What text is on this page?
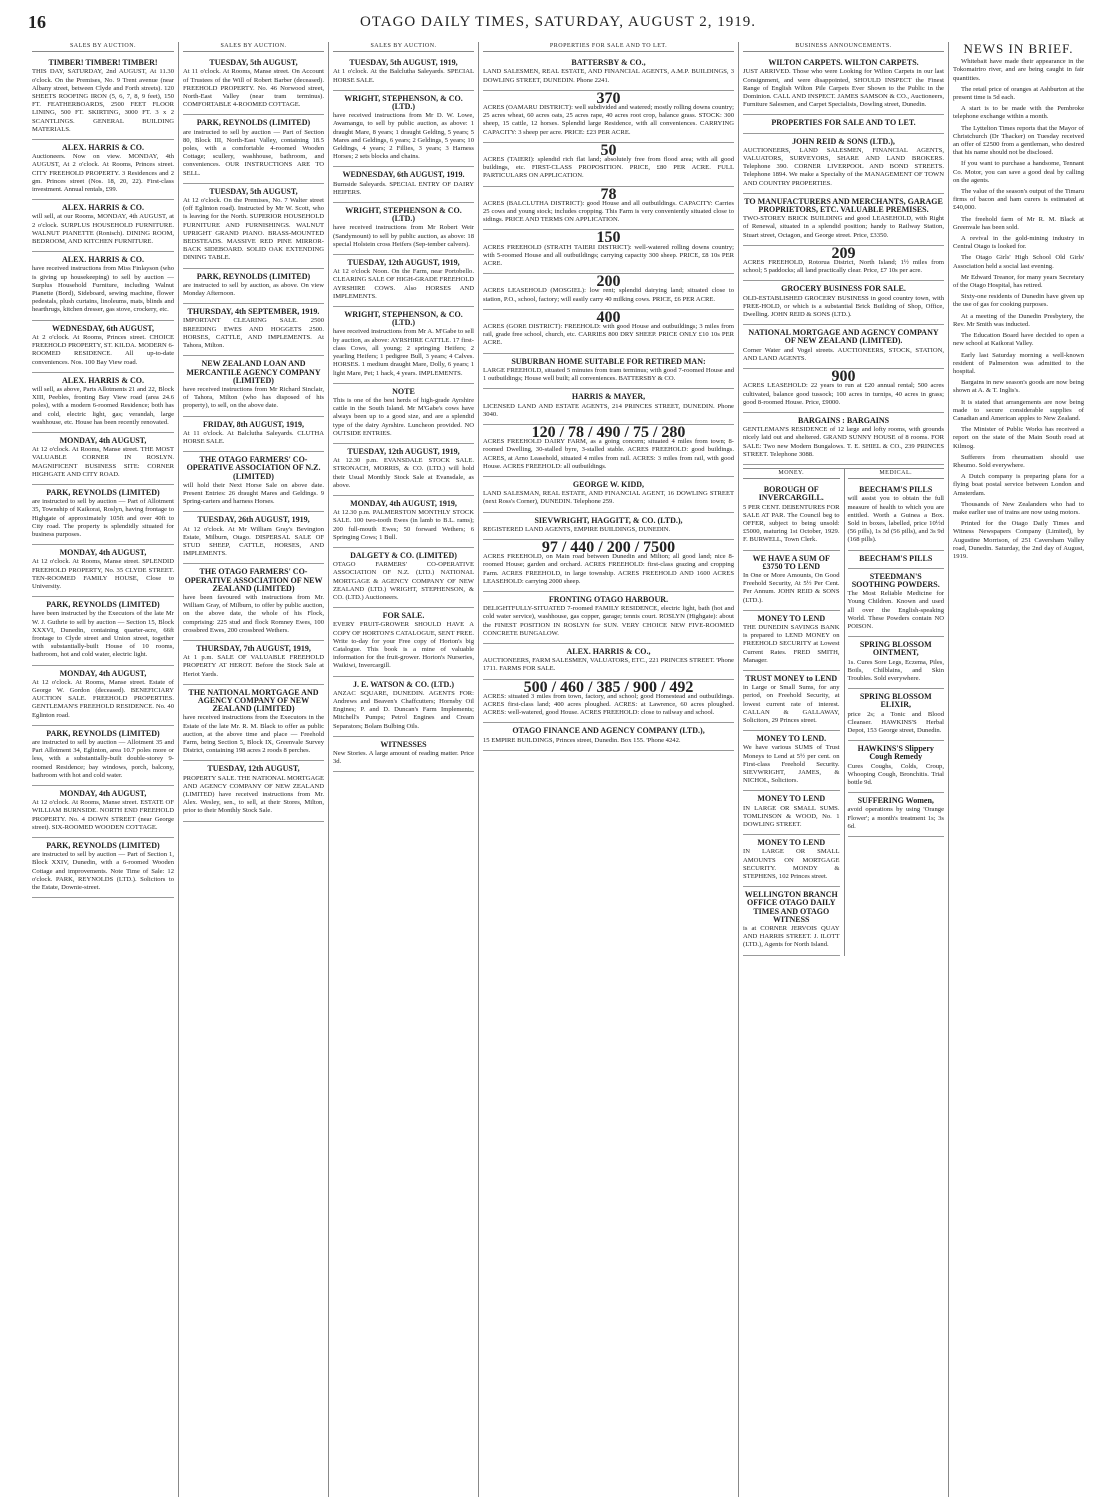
16	OTAGO DAILY TIMES, SATURDAY, AUGUST 2, 1919.
SALES BY AUCTION.
TIMBER! TIMBER! TIMBER!

THIS DAY, SATURDAY, 2nd AUGUST, At 11.30 o'clock. On the Premises, No. 9 Trent avenue (near Albany street, between Clyde and Forth streets). 120 SHEETS ROOFING IRON (5, 6, 7, 8, 9 feet), 150 FT. FEATHERBOARDS, 2500 FEET FLOOR LINING, 500 FT. SKIRTING, 3000 FT. 3 x 2 SCANTLINGS. GENERAL BUILDING MATERIALS.

ALEX. HARRIS & CO.

Auctioneers. Now on view. MONDAY, 4th AUGUST, At 2 o'clock. At Rooms, Princes street. CITY FREEHOLD PROPERTY. 3 Residences and 2 gm. Princes street (Nos. 18, 20, 22). First-class investment. Annual rentals, £99.

ALEX. HARRIS & CO.

will sell, at our Rooms, MONDAY, 4th AUGUST, at 2 o'clock. SURPLUS HOUSEHOLD FURNITURE. WALNUT PIANETTE (Ronisch). DINING ROOM, BEDROOM, AND KITCHEN FURNITURE.

ALEX. HARRIS & CO.

have received instructions from Miss Finlayson (who is giving up housekeeping) to sell by auction — Surplus Household Furniture, including Walnut Pianette (Bord), Sideboard, sewing machine, flower pedestals, plush curtains, linoleums, mats, blinds and hearthrugs, kitchen dresser, gas stove, crockery, etc.

WEDNESDAY, 6th AUGUST,

At 2 o'clock. At Rooms, Princes street. CHOICE FREEHOLD PROPERTY, ST. KILDA. MODERN 6-ROOMED RESIDENCE. All up-to-date conveniences. Nos. 100 Bay View road.

ALEX. HARRIS & CO.

will sell, as above, Parts Allotments 21 and 22, Block XIII, Peebles, fronting Bay View road (area 24.6 poles), with a modern 6-roomed Residence; both has and cold, electric light, gas; verandah, large washhouse, etc. House has been recently renovated.

MONDAY, 4th AUGUST,

At 12 o'clock. At Rooms, Manse street. THE MOST VALUABLE CORNER IN ROSLYN. MAGNIFICENT BUSINESS SITE: CORNER HIGHGATE AND CITY ROAD.

PARK, REYNOLDS (LIMITED)

are instructed to sell by auction — Part of Allotment 35, Township of Kaikorai, Roslyn, having frontage to Highgate of approximately 105ft and over 40ft to City road. The property is splendidly situated for business purposes.

MONDAY, 4th AUGUST,

At 12 o'clock. At Rooms, Manse street. SPLENDID FREEHOLD PROPERTY, No. 35 CLYDE STREET. TEN-ROOMED FAMILY HOUSE, Close to University.

PARK, REYNOLDS (LIMITED)

have been instructed by the Executors of the late Mr W. J. Guthrie to sell by auction — Section 15, Block XXXVI, Dunedin, containing quarter-acre, 66ft frontage to Clyde street and Union street, together with substantially-built House of 10 rooms, bathroom, hot and cold water, electric light.

MONDAY, 4th AUGUST,

At 12 o'clock. At Rooms, Manse street. Estate of George W. Gordon (deceased). BENEFICIARY AUCTION SALE. FREEHOLD PROPERTIES. GENTLEMAN'S FREEHOLD RESIDENCE. No. 40 Eglinton road.

PARK, REYNOLDS (LIMITED)

are instructed to sell by auction — Allotment 35 and Part Allotment 34, Eglinton, area 10.7 poles more or less, with a substantially-built double-storey 9-roomed Residence; bay windows, porch, balcony, bathroom with hot and cold water.

MONDAY, 4th AUGUST,

At 12 o'clock. At Rooms, Manse street. ESTATE OF WILLIAM BURNSIDE. NORTH END FREEHOLD PROPERTY. No. 4 DOWN STREET (near George street). SIX-ROOMED WOODEN COTTAGE.

PARK, REYNOLDS (LIMITED)

are instructed to sell by auction — Part of Section 1, Block XXIV, Dunedin, with a 6-roomed Wooden Cottage and improvements. Note Time of Sale: 12 o'clock. PARK, REYNOLDS (LTD.). Solicitors to the Estate, Downie-street.

SALES BY AUCTION.
TUESDAY, 5th AUGUST,

At 11 o'clock. At Rooms, Manse street. On Account of Trustees of the Will of Robert Barber (deceased). FREEHOLD PROPERTY. No. 46 Norwood street, North-East Valley (near tram terminus). COMFORTABLE 4-ROOMED COTTAGE.

PARK, REYNOLDS (LIMITED)

are instructed to sell by auction — Part of Section 80, Block III, North-East Valley, containing 18.5 poles, with a comfortable 4-roomed Wooden Cottage; scullery, washhouse, bathroom, and conveniences. OUR INSTRUCTIONS ARE TO SELL.

TUESDAY, 5th AUGUST,

At 12 o'clock. On the Premises, No. 7 Walter street (off Eglinton road). Instructed by Mr W. Scott, who is leaving for the North. SUPERIOR HOUSEHOLD FURNITURE AND FURNISHINGS. WALNUT UPRIGHT GRAND PIANO. BRASS-MOUNTED BEDSTEADS. MASSIVE RED PINE MIRROR-BACK SIDEBOARD. SOLID OAK EXTENDING DINING TABLE.

PARK, REYNOLDS (LIMITED)

are instructed to sell by auction, as above. On view Monday Afternoon.

THURSDAY, 4th SEPTEMBER, 1919.

IMPORTANT CLEARING SALE. 2500 BREEDING EWES AND HOGGETS 2500. HORSES, CATTLE, AND IMPLEMENTS. At Tahora, Milton.

NEW ZEALAND LOAN AND MERCANTILE AGENCY COMPANY (LIMITED)

have received instructions from Mr Richard Sinclair, of Tahora, Milton (who has disposed of his property), to sell, on the above date.

FRIDAY, 8th AUGUST, 1919,

At 11 o'clock. At Balclutha Saleyards. CLUTHA HORSE SALE.

THE OTAGO FARMERS' CO-OPERATIVE ASSOCIATION OF N.Z. (LIMITED)

will hold their Next Horse Sale on above date. Present Entries: 26 draught Mares and Geldings. 9 Spring-carters and harness Horses.

TUESDAY, 26th AUGUST, 1919,

At 12 o'clock. At Mr William Gray's Bevington Estate, Milburn, Otago. DISPERSAL SALE OF STUD SHEEP, CATTLE, HORSES, AND IMPLEMENTS.

THE OTAGO FARMERS' CO-OPERATIVE ASSOCIATION OF NEW ZEALAND (LIMITED)

have been favoured with instructions from Mr. William Gray, of Milburn, to offer by public auction, on the above date, the whole of his Flock, comprising: 225 stud and flock Romney Ewes, 100 crossbred Ewes, 200 crossbred Wethers.

THURSDAY, 7th AUGUST, 1919,

At 1 p.m. SALE OF VALUABLE FREEHOLD PROPERTY AT HEROT. Before the Stock Sale at Heriot Yards.

THE NATIONAL MORTGAGE AND AGENCY COMPANY OF NEW ZEALAND (LIMITED)

have received instructions from the Executors in the Estate of the late Mr. R. M. Black to offer as public auction, at the above time and place — Freehold Farm, being Section 5, Block IX, Greenvale Survey District, containing 198 acres 2 roods 8 perches.

TUESDAY, 12th AUGUST,

PROPERTY SALE. THE NATIONAL MORTGAGE AND AGENCY COMPANY OF NEW ZEALAND (LIMITED) have received instructions from Mr. Alex. Wesley, sen., to sell, at their Stores, Milton, prior to their Monthly Stock Sale.

SALES BY AUCTION.
TUESDAY, 5th AUGUST, 1919,

At 1 o'clock. At the Balclutha Saleyards. SPECIAL HORSE SALE.

WRIGHT, STEPHENSON, & CO. (LTD.)

have received instructions from Mr D. W. Lowe, Awamangu, to sell by public auction, as above: 1 draught Mare, 8 years; 1 draught Gelding, 5 years; 5 Mares and Geldings, 6 years; 2 Geldings, 5 years; 10 Geldings, 4 years; 2 Fillies, 3 years; 3 Harness Horses; 2 sets blocks and chains.

WEDNESDAY, 6th AUGUST, 1919.

Burnside Saleyards. SPECIAL ENTRY OF DAIRY HEIFERS.

WRIGHT, STEPHENSON & CO. (LTD.)

have received instructions from Mr Robert Weir (Sandymount) to sell by public auction, as above: 18 special Holstein cross Heifers (Sep-tember calvers).

TUESDAY, 12th AUGUST, 1919,

At 12 o'clock Noon. On the Farm, near Portobello. CLEARING SALE OF HIGH-GRADE FREEHOLD AYRSHIRE COWS. Also HORSES AND IMPLEMENTS.

WRIGHT, STEPHENSON, & CO. (LTD.)

have received instructions from Mr A. M'Gabe to sell by auction, as above: AYRSHIRE CATTLE. 17 first-class Cows, all young; 2 springing Heifers; 2 yearling Heifers; 1 pedigree Bull, 3 years; 4 Calves. HORSES. 1 medium draught Mare, Dolly, 6 years; 1 light Mare, Pet; 1 hack, 4 years. IMPLEMENTS.

NOTE

This is one of the best herds of high-grade Ayrshire cattle in the South Island. Mr M'Gabe's cows have always been up to a good size, and are a splendid type of the dairy Ayrshire. Luncheon provided. NO OUTSIDE ENTRIES.

TUESDAY, 12th AUGUST, 1919,

At 12.30 p.m. EVANSDALE STOCK SALE. STRONACH, MORRIS, & CO. (LTD.) will hold their Usual Monthly Stock Sale at Evansdale, as above.

MONDAY, 4th AUGUST, 1919,

At 12.30 p.m. PALMERSTON MONTHLY STOCK SALE. 100 two-tooth Ewes (in lamb to B.L. rams); 200 full-mouth Ewes; 50 forward Wethers; 6 Springing Cows; 1 Bull.

DALGETY & CO. (LIMITED)

OTAGO FARMERS' CO-OPERATIVE ASSOCIATION OF N.Z. (LTD.) NATIONAL MORTGAGE & AGENCY COMPANY OF NEW ZEALAND (LTD.) WRIGHT, STEPHENSON, & CO. (LTD.) Auctioneers.

FOR SALE.

EVERY FRUIT-GROWER SHOULD HAVE A COPY OF HORTON'S CATALOGUE, SENT FREE. Write to-day for your Free copy of Horton's big Catalogue. This book is a mine of valuable information for the fruit-grower. Horton's Nurseries, Waikiwi, Invercargill.

J. E. WATSON & CO. (LTD.)

ANZAC SQUARE, DUNEDIN. AGENTS FOR: Andrews and Beaven's Chaffcutters; Hornsby Oil Engines; P. and D. Duncan's Farm Implements; Mitchell's Pumps; Petrol Engines and Cream Separators; Bolam Bulbing Oils.

WITNESSES

New Stories. A large amount of reading matter. Price 3d.

PROPERTIES FOR SALE AND TO LET.
BATTERSBY & CO.,

LAND SALESMEN, REAL ESTATE, AND FINANCIAL AGENTS, A.M.P. BUILDINGS, 3 DOWLING STREET, DUNEDIN. Phone 2241.

370

ACRES (OAMARU DISTRICT): well subdivided and watered; mostly rolling downs country; 25 acres wheat, 60 acres oats, 25 acres rape, 40 acres root crop, balance grass. STOCK: 300 sheep, 15 cattle, 12 horses. Splendid large Residence, with all conveniences. CARRYING CAPACITY: 3 sheep per acre. PRICE: £23 PER ACRE.

50

ACRES (TAIERI): splendid rich flat land; absolutely free from flood area; with all good buildings, etc. FIRST-CLASS PROPOSITION. PRICE, £80 PER ACRE. FULL PARTICULARS ON APPLICATION.

78

ACRES (BALCLUTHA DISTRICT): good House and all outbuildings. CAPACITY: Carries 25 cows and young stock; includes cropping. This Farm is very conveniently situated close to sidings. PRICE AND TERMS ON APPLICATION.

150

ACRES FREEHOLD (STRATH TAIERI DISTRICT): well-watered rolling downs country; with 5-roomed House and all outbuildings; carrying capacity 300 sheep. PRICE, £8 10s PER ACRE.

200

ACRES LEASEHOLD (MOSGIEL): low rent; splendid dairying land; situated close to station, P.O., school, factory; will easily carry 40 milking cows. PRICE, £6 PER ACRE.

400

ACRES (GORE DISTRICT): FREEHOLD: with good House and outbuildings; 3 miles from rail, grade free school, church, etc. CARRIES 800 DRY SHEEP. PRICE ONLY £10 10s PER ACRE.

SUBURBAN HOME SUITABLE FOR RETIRED MAN:

LARGE FREEHOLD, situated 5 minutes from tram terminus; with good 7-roomed House and 1 outbuildings; House well built; all conveniences. BATTERSBY & CO.

HARRIS & MAYER,

LICENSED LAND AND ESTATE AGENTS, 214 PRINCES STREET, DUNEDIN. Phone 3040.

120 / 78 / 490 / 75 / 280

ACRES FREEHOLD DAIRY FARM, as a going concern; situated 4 miles from town; 8-roomed Dwelling, 30-stalled byre, 3-stalled stable. ACRES FREEHOLD: good buildings. ACRES, at Arno Leasehold, situated 4 miles from rail. ACRES: 3 miles from rail, with good House. ACRES FREEHOLD: all outbuildings.

GEORGE W. KIDD,

LAND SALESMAN, REAL ESTATE, AND FINANCIAL AGENT, 16 DOWLING STREET (next Ross's Corner), DUNEDIN. Telephone 259.

SIEVWRIGHT, HAGGITT, & CO. (LTD.),

REGISTERED LAND AGENTS, EMPIRE BUILDINGS, DUNEDIN.

97 / 440 / 200 / 7500

ACRES FREEHOLD, on Main road between Dunedin and Milton; all good land; nice 8-roomed House; garden and orchard. ACRES FREEHOLD: first-class grazing and cropping Farm. ACRES FREEHOLD, in large township. ACRES FREEHOLD AND 1600 ACRES LEASEHOLD: carrying 2000 sheep.

FRONTING OTAGO HARBOUR.

DELIGHTFULLY-SITUATED 7-roomed FAMILY RESIDENCE, electric light, bath (hot and cold water service), washhouse, gas copper, garage; tennis court. ROSLYN (Highgate): about the FINEST POSITION IN ROSLYN for SUN. VERY CHOICE NEW FIVE-ROOMED CONCRETE BUNGALOW.

ALEX. HARRIS & CO.,

AUCTIONEERS, FARM SALESMEN, VALUATORS, ETC., 221 PRINCES STREET. 'Phone 1711. FARMS FOR SALE.

500 / 460 / 385 / 900 / 492

ACRES: situated 3 miles from town, factory, and school; good Homestead and outbuildings. ACRES first-class land; 400 acres ploughed. ACRES: at Lawrence, 60 acres ploughed. ACRES: well-watered, good House. ACRES FREEHOLD: close to railway and school.

OTAGO FINANCE AND AGENCY COMPANY (LTD.),

15 EMPIRE BUILDINGS, Princes street, Dunedin. Box 155. 'Phone 4242.

BUSINESS ANNOUNCEMENTS.
WILTON CARPETS. WILTON CARPETS.

JUST ARRIVED. Those who were Looking for Wilton Carpets in our last Consignment, and were disappointed, SHOULD INSPECT the Finest Range of English Wilton Pile Carpets Ever Shown to the Public in the Dominion. CALL AND INSPECT. JAMES SAMSON & CO., Auctioneers, Furniture Salesmen, and Carpet Specialists, Dowling street, Dunedin.

PROPERTIES FOR SALE AND TO LET.
JOHN REID & SONS (LTD.),

AUCTIONEERS, LAND SALESMEN, FINANCIAL AGENTS, VALUATORS, SURVEYORS, SHARE AND LAND BROKERS. Telephone 390. CORNER LIVERPOOL AND BOND STREETS. Telephone 1894. We make a Specialty of the MANAGEMENT OF TOWN AND COUNTRY PROPERTIES.

TO MANUFACTURERS AND MERCHANTS, GARAGE PROPRIETORS, ETC. VALUABLE PREMISES.

TWO-STOREY BRICK BUILDING and good LEASEHOLD, with Right of Renewal, situated in a splendid position; handy to Railway Station, Stuart street, Octagon, and George street. Price, £3350.

209

ACRES FREEHOLD, Rotorua District, North Island; 1½ miles from school; 5 paddocks; all land practically clear. Price, £7 10s per acre.

GROCERY BUSINESS FOR SALE.

OLD-ESTABLISHED GROCERY BUSINESS in good country town, with FREE-HOLD, or which is a substantial Brick Building of Shop, Office, Dwelling. JOHN REID & SONS (LTD.).

NATIONAL MORTGAGE AND AGENCY COMPANY OF NEW ZEALAND (LIMITED).

Corner Water and Vogel streets. AUCTIONEERS, STOCK, STATION, AND LAND AGENTS.

900

ACRES LEASEHOLD: 22 years to run at £20 annual rental; 500 acres cultivated, balance good tussock; 100 acres in turnips, 40 acres in grass; good 8-roomed House. Price, £9000.

BARGAINS : BARGAINS

GENTLEMAN'S RESIDENCE of 12 large and lofty rooms, with grounds nicely laid out and sheltered. GRAND SUNNY HOUSE of 8 rooms. FOR SALE: Two new Modern Bungalows. T. E. SHIEL & CO., 239 PRINCES STREET. Telephone 3088.

MONEY.
BOROUGH OF INVERCARGILL.

5 PER CENT. DEBENTURES FOR SALE AT PAR. The Council beg to OFFER, subject to being unsold: £5000, maturing 1st October, 1929. F. BURWELL, Town Clerk.

WE HAVE A SUM OF £3750 TO LEND

In One or More Amounts, On Good Freehold Security, At 5½ Per Cent. Per Annum. JOHN REID & SONS (LTD.).

MONEY TO LEND

THE DUNEDIN SAVINGS BANK is prepared to LEND MONEY on FREEHOLD SECURITY at Lowest Current Rates. FRED SMITH, Manager.

TRUST MONEY to LEND

in Large or Small Sums, for any period, on Freehold Security, at lowest current rate of interest. CALLAN & GALLAWAY, Solicitors, 29 Princes street.

MONEY TO LEND.

We have various SUMS of Trust Moneys to Lend at 5½ per cent. on First-class Freehold Security. SIEVWRIGHT, JAMES, & NICHOL, Solicitors.

MONEY TO LEND

IN LARGE OR SMALL SUMS. TOMLINSON & WOOD, No. 1 DOWLING STREET.

MONEY TO LEND

IN LARGE OR SMALL AMOUNTS ON MORTGAGE SECURITY. MONDY & STEPHENS, 102 Princes street.

WELLINGTON BRANCH OFFICE OTAGO DAILY TIMES AND OTAGO WITNESS

is at CORNER JERVOIS QUAY AND HARRIS STREET. J. ILOTT (LTD.), Agents for North Island.

MEDICAL.
BEECHAM'S PILLS

will assist you to obtain the full measure of health to which you are entitled. Worth a Guinea a Box. Sold in boxes, labelled, price 10½d (56 pills), 1s 3d (56 pills), and 3s 9d (168 pills).

BEECHAM'S PILLS
STEEDMAN'S SOOTHING POWDERS.

The Most Reliable Medicine for Young Children. Known and used all over the English-speaking World. These Powders contain NO POISON.

SPRING BLOSSOM OINTMENT,

1s. Cures Sore Legs, Eczema, Piles, Boils, Chilblains, and Skin Troubles. Sold everywhere.

SPRING BLOSSOM ELIXIR,

price 2s; a Tonic and Blood Cleanser. HAWKINS'S Herbal Depot, 153 George street, Dunedin.

HAWKINS'S Slippery Cough Remedy

Cures Coughs, Colds, Croup, Whooping Cough, Bronchitis. Trial bottle 9d.

SUFFERING Women,

avoid operations by using 'Orange Flower'; a month's treatment 1s; 3s 6d.

NEWS IN BRIEF.

Whitebait have made their appearance in the Tokomairiro river, and are being caught in fair quantities.

The retail price of oranges at Ashburton at the present time is 5d each.

A start is to be made with the Pembroke telephone exchange within a month.

The Lyttelton Times reports that the Mayor of Christchurch (Dr Thacker) on Tuesday received an offer of £2500 from a gentleman, who desired that his name should not be disclosed.

If you want to purchase a handsome, Tennant Co. Motor, you can save a good deal by calling on the agents.

The value of the season's output of the Timaru firms of bacon and ham curers is estimated at £40,000.

The freehold farm of Mr R. M. Black at Greenvale has been sold.

A revival in the gold-mining industry in Central Otago is looked for.

The Otago Girls' High School Old Girls' Association held a social last evening.

Mr Edward Treanor, for many years Secretary of the Otago Hospital, has retired.

Sixty-one residents of Dunedin have given up the use of gas for cooking purposes.

At a meeting of the Dunedin Presbytery, the Rev. Mr Smith was inducted.

The Education Board have decided to open a new school at Kaikorai Valley.

Early last Saturday morning a well-known resident of Palmerston was admitted to the hospital.

Bargains in new season's goods are now being shown at A. & T. Inglis's.

It is stated that arrangements are now being made to secure considerable supplies of Canadian and American apples to New Zealand.

The Minister of Public Works has received a report on the state of the Main South road at Kilmog.

Sufferers from rheumatism should use Rheumo. Sold everywhere.

A Dutch company is preparing plans for a flying boat postal service between London and Amsterdam.

Thousands of New Zealanders who had to make earlier use of trains are now using motors.

Printed for the Otago Daily Times and Witness Newspapers Company (Limited), by Augustine Morrison, of 251 Caversham Valley road, Dunedin. Saturday, the 2nd day of August, 1919.
